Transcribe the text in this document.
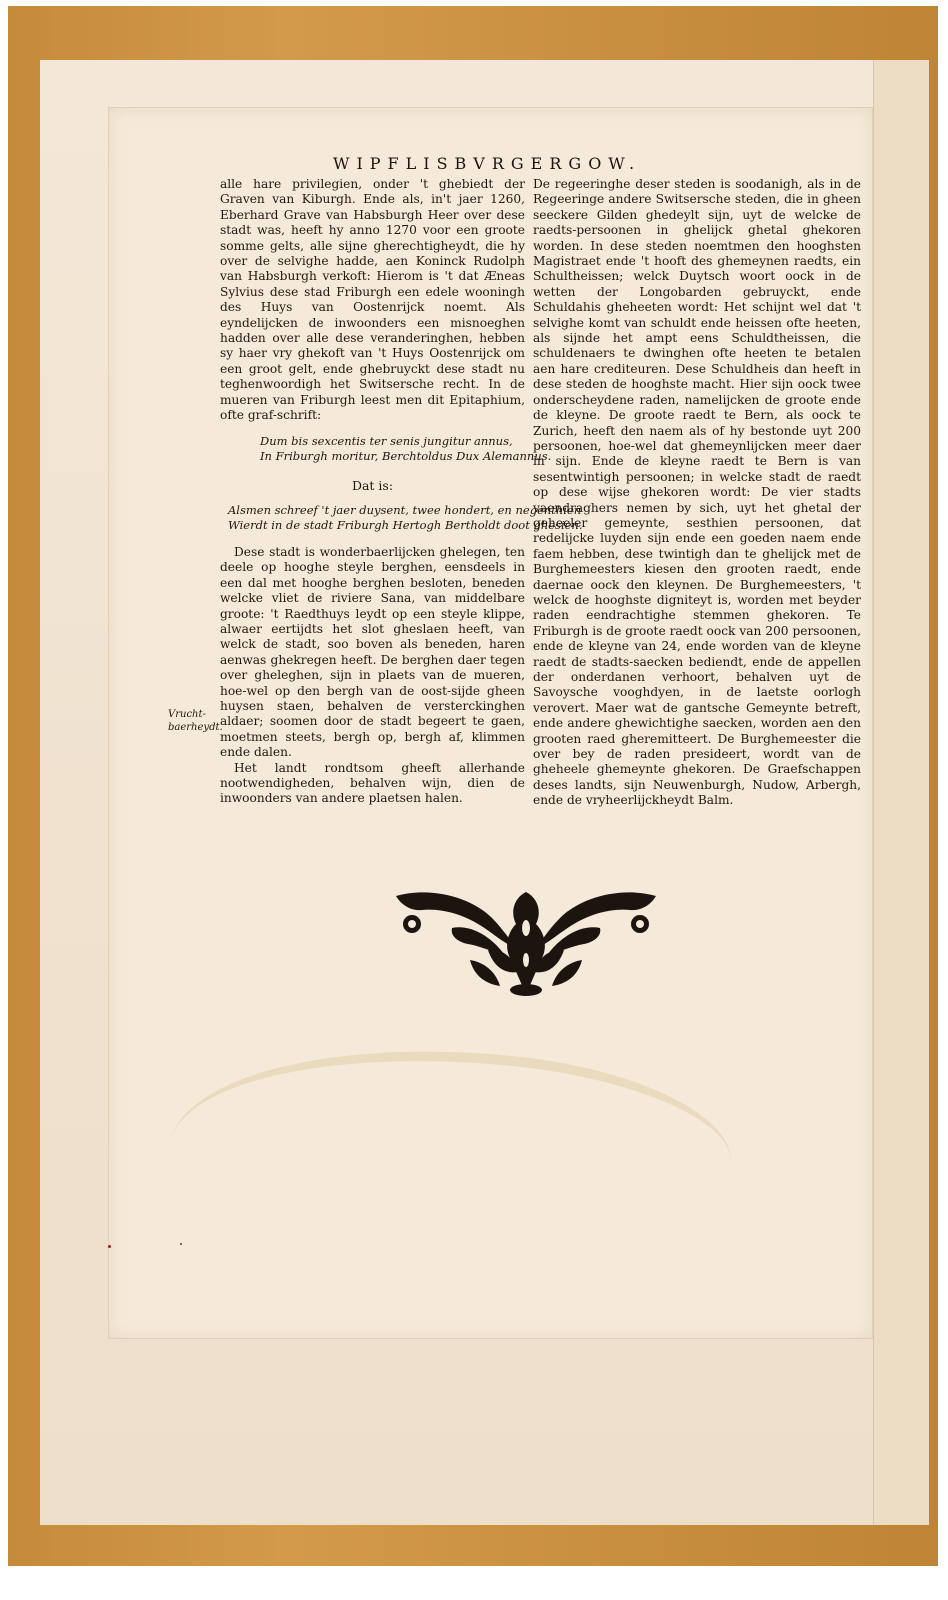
WIPFLISBVRGERGOW.

alle hare privilegien, onder 't ghebiedt der Graven van Kiburgh. Ende als, in't jaer 1260, Eberhard Grave van Habsburgh Heer over dese stadt was, heeft hy anno 1270 voor een groote somme gelts, alle sijne gherechtigheydt, die hy over de selvighe hadde, aen Koninck Rudolph van Habsburgh verkoft: Hierom is 't dat Æneas Sylvius dese stad Friburgh een edele wooningh des Huys van Oostenrijck noemt. Als eyndelijcken de inwoonders een misnoeghen hadden over alle dese veranderinghen, hebben sy haer vry ghekoft van 't Huys Oostenrijck om een groot gelt, ende ghebruyckt dese stadt nu teghenwoordigh het Switsersche recht. In de mueren van Friburgh leest men dit Epitaphium, ofte graf-schrift:

Dum bis sexcentis ter senis jungitur annus,
In Friburgh moritur, Berchtoldus Dux Alemannus.
Dat is:
Alsmen schreef 't jaer duysent, twee hondert, en negenthien
Wierdt in de stadt Friburgh Hertogh Bertholdt doot ghesien.

Dese stadt is wonderbaerlijcken ghelegen, ten deele op hooghe steyle berghen, eensdeels in een dal met hooghe berghen besloten, beneden welcke vliet de riviere Sana, van middelbare groote: 't Raedthuys leydt op een steyle klippe, alwaer eertijdts het slot gheslaen heeft, van welck de stadt, soo boven als beneden, haren aenwas ghekregen heeft. De berghen daer tegen over gheleghen, sijn in plaets van de mueren, hoe-wel op den bergh van de oost-sijde gheen huysen staen, behalven de versterckinghen aldaer; soomen door de stadt begeert te gaen, moetmen steets, bergh op, bergh af, klimmen ende dalen.

Het landt rondtsom gheeft allerhande nootwendigheden, behalven wijn, dien de inwoonders van andere plaetsen halen.

Vrucht-baerheydt.

De regeeringhe deser steden is soodanigh, als in de Regeeringe andere Switsersche steden, die in gheen seeckere Gilden ghedeylt sijn, uyt de welcke de raedts-persoonen in ghelijck ghetal ghekoren worden. In dese steden noemtmen den hooghsten Magistraet ende 't hooft des ghemeynen raedts, ein Schultheissen; welck Duytsch woort oock in de wetten der Longobarden gebruyckt, ende Schuldahis gheheeten wordt: Het schijnt wel dat 't selvighe komt van schuldt ende heissen ofte heeten, als sijnde het ampt eens Schuldtheissen, die schuldenaers te dwinghen ofte heeten te betalen aen hare crediteuren. Dese Schuldheis dan heeft in dese steden de hooghste macht. Hier sijn oock twee onderscheydene raden, namelijcken de groote ende de kleyne. De groote raedt te Bern, als oock te Zurich, heeft den naem als of hy bestonde uyt 200 persoonen, hoe-wel dat ghemeynlijcken meer daer in sijn. Ende de kleyne raedt te Bern is van sesentwintigh persoonen; in welcke stadt de raedt op dese wijse ghekoren wordt: De vier stadts vaendraghers nemen by sich, uyt het ghetal der geheeler gemeynte, sesthien persoonen, dat redelijcke luyden sijn ende een goeden naem ende faem hebben, dese twintigh dan te ghelijck met de Burghemeesters kiesen den grooten raedt, ende daernae oock den kleynen. De Burghemeesters, 't welck de hooghste digniteyt is, worden met beyder raden eendrachtighe stemmen ghekoren. Te Friburgh is de groote raedt oock van 200 persoonen, ende de kleyne van 24, ende worden van de kleyne raedt de stadts-saecken bediendt, ende de appellen der onderdanen verhoort, behalven uyt de Savoysche vooghdyen, in de laetste oorlogh verovert. Maer wat de gantsche Gemeynte betreft, ende andere ghewichtighe saecken, worden aen den grooten raed gheremitteert. De Burghemeester die over bey de raden presideert, wordt van de gheheele ghemeynte ghekoren. De Graefschappen deses landts, sijn Neuwenburgh, Nudow, Arbergh, ende de vryheerlijckheydt Balm.
